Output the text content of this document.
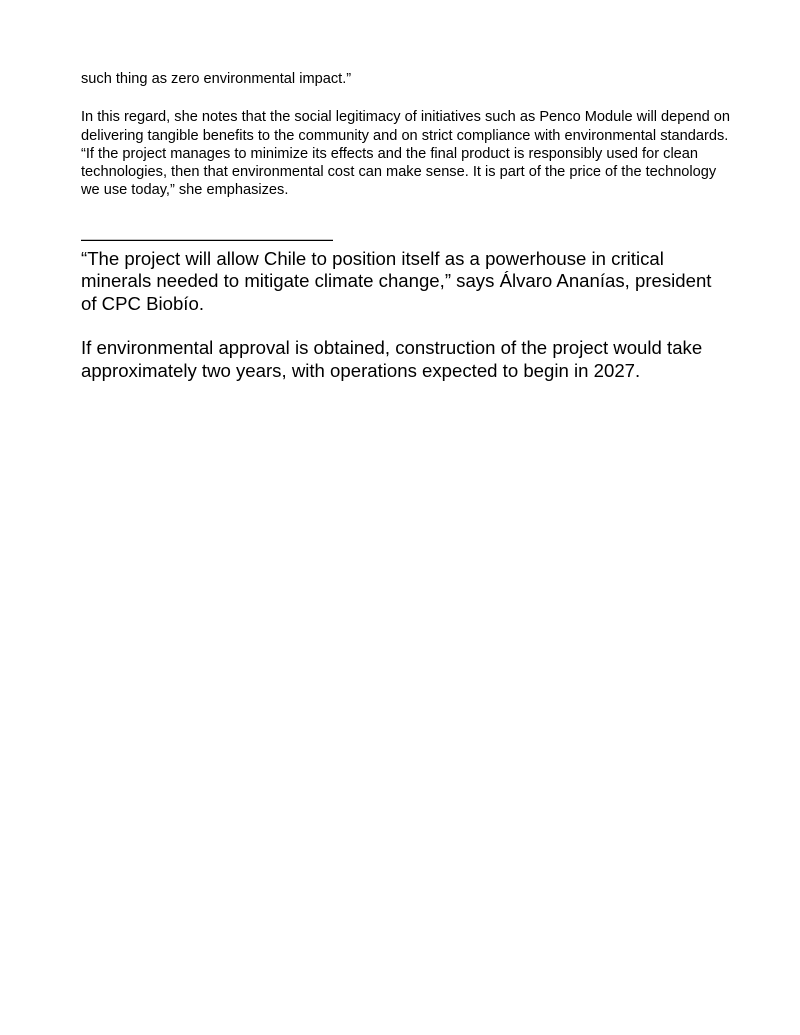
such thing as zero environmental impact.”

In this regard, she notes that the social legitimacy of initiatives such as Penco Module will depend on delivering tangible benefits to the community and on strict compliance with environmental standards. “If the project manages to minimize its effects and the final product is responsibly used for clean technologies, then that environmental cost can make sense. It is part of the price of the technology we use today,” she emphasizes.

——————————————

“The project will allow Chile to position itself as a powerhouse in critical minerals needed to mitigate climate change,” says Álvaro Ananías, president of CPC Biobío.

If environmental approval is obtained, construction of the project would take approximately two years, with operations expected to begin in 2027.
